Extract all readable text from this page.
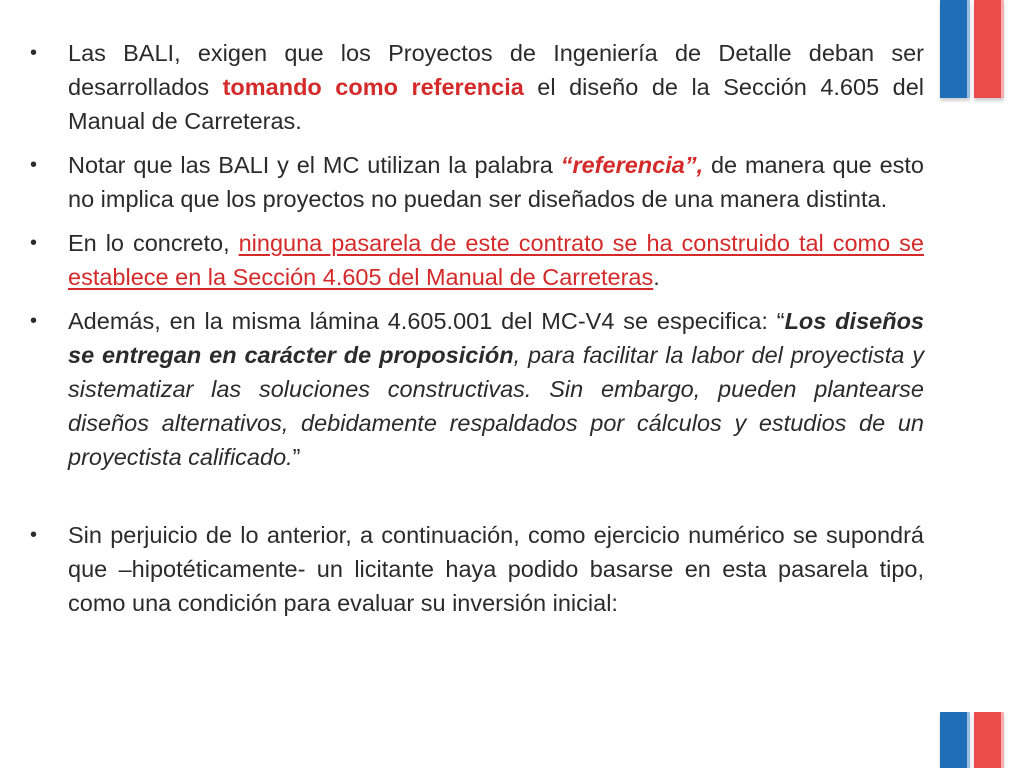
• Las BALI, exigen que los Proyectos de Ingeniería de Detalle deban ser desarrollados tomando como referencia el diseño de la Sección 4.605 del Manual de Carreteras.

• Notar que las BALI y el MC utilizan la palabra “referencia”, de manera que esto no implica que los proyectos no puedan ser diseñados de una manera distinta.

• En lo concreto, ninguna pasarela de este contrato se ha construido tal como se establece en la Sección 4.605 del Manual de Carreteras.

• Además, en la misma lámina 4.605.001 del MC-V4 se especifica: “Los diseños se entregan en carácter de proposición, para facilitar la labor del proyectista y sistematizar las soluciones constructivas. Sin embargo, pueden plantearse diseños alternativos, debidamente respaldados por cálculos y estudios de un proyectista calificado.”

• Sin perjuicio de lo anterior, a continuación, como ejercicio numérico se supondrá que –hipotéticamente- un licitante haya podido basarse en esta pasarela tipo, como una condición para evaluar su inversión inicial:
